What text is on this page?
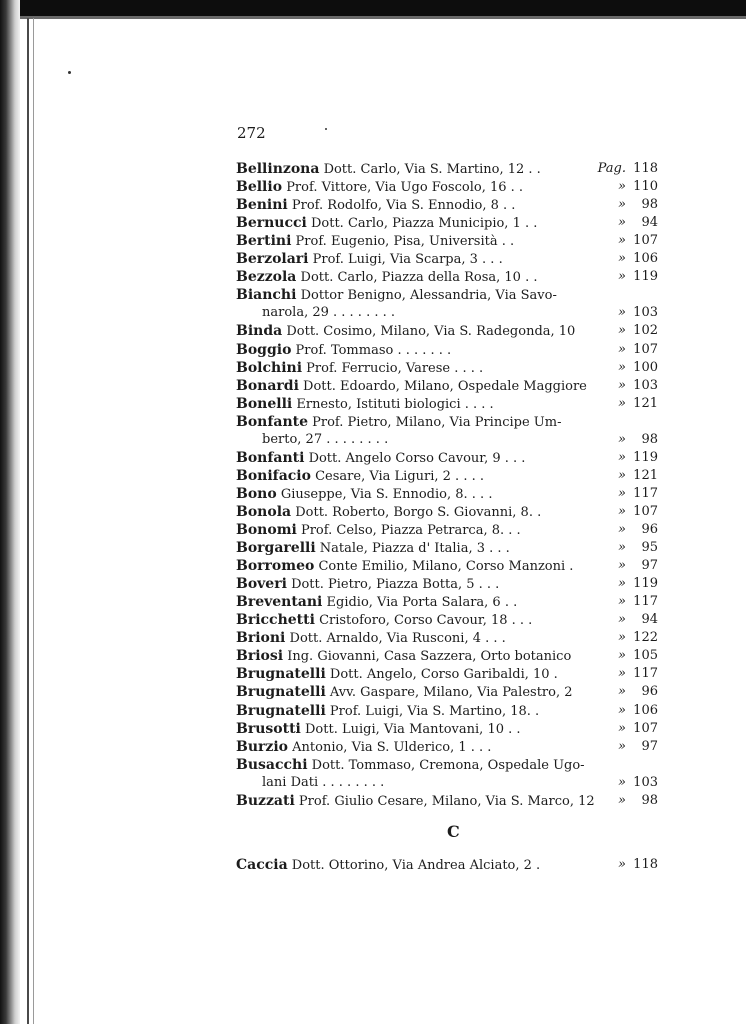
272
Bellinzona Dott. Carlo, Via S. Martino, 12 . .	Pag. 118
Bellio Prof. Vittore, Via Ugo Foscolo, 16 . .	» 110
Benini Prof. Rodolfo, Via S. Ennodio, 8 . .	»	98
Bernucci Dott. Carlo, Piazza Municipio, 1 . .	»	94
Bertini Prof. Eugenio, Pisa, Università . .	» 107
Berzolari Prof. Luigi, Via Scarpa, 3 . . .	» 106
Bezzola Dott. Carlo, Piazza della Rosa, 10 . .	» 119
Bianchi Dottor Benigno, Alessandria, Via Savo-
narola, 29 . . . . . . . .	» 103
Binda Dott. Cosimo, Milano, Via S. Radegonda, 10	» 102
Boggio Prof. Tommaso . . . . . . .	» 107
Bolchini Prof. Ferrucio, Varese . . . .	» 100
Bonardi Dott. Edoardo, Milano, Ospedale Maggiore	» 103
Bonelli Ernesto, Istituti biologici . . . .	» 121
Bonfante Prof. Pietro, Milano, Via Principe Um-
berto, 27 . . . . . . . .	»	98
Bonfanti Dott. Angelo Corso Cavour, 9 . . .	» 119
Bonifacio Cesare, Via Liguri, 2 . . . .	» 121
Bono Giuseppe, Via S. Ennodio, 8. . . .	» 117
Bonola Dott. Roberto, Borgo S. Giovanni, 8. .	» 107
Bonomi Prof. Celso, Piazza Petrarca, 8. . .	»	96
Borgarelli Natale, Piazza d' Italia, 3 . . .	»	95
Borromeo Conte Emilio, Milano, Corso Manzoni .	»	97
Boveri Dott. Pietro, Piazza Botta, 5 . . .	» 119
Breventani Egidio, Via Porta Salara, 6 . .	» 117
Bricchetti Cristoforo, Corso Cavour, 18 . . .	»	94
Brioni Dott. Arnaldo, Via Rusconi, 4 . . .	» 122
Briosi Ing. Giovanni, Casa Sazzera, Orto botanico	» 105
Brugnatelli Dott. Angelo, Corso Garibaldi, 10 .	» 117
Brugnatelli Avv. Gaspare, Milano, Via Palestro, 2	»	96
Brugnatelli Prof. Luigi, Via S. Martino, 18. .	» 106
Brusotti Dott. Luigi, Via Mantovani, 10 . .	» 107
Burzio Antonio, Via S. Ulderico, 1 . . .	»	97
Busacchi Dott. Tommaso, Cremona, Ospedale Ugo-
lani Dati . . . . . . . .	» 103
Buzzati Prof. Giulio Cesare, Milano, Via S. Marco, 12	»	98
C
Caccia Dott. Ottorino, Via Andrea Alciato, 2 .	» 118
